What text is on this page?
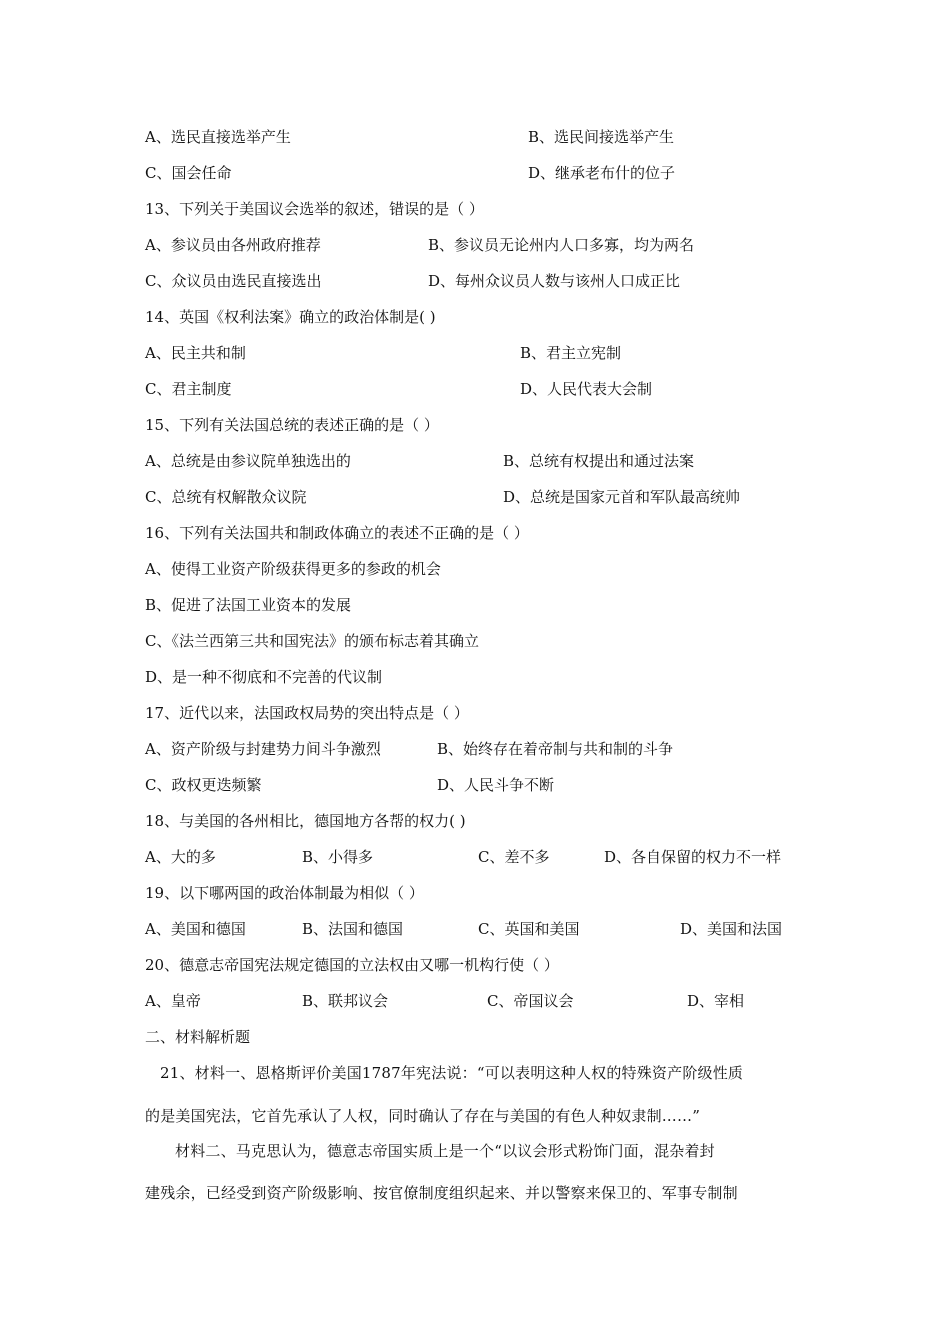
A、选民直接选举产生	B、选民间接选举产生
C、国会任命	D、继承老布什的位子
13、下列关于美国议会选举的叙述，错误的是（ ）
A、参议员由各州政府推荐	B、参议员无论州内人口多寡，均为两名
C、众议员由选民直接选出	D、每州众议员人数与该州人口成正比
14、英国《权利法案》确立的政治体制是( )
A、民主共和制	B、君主立宪制
C、君主制度	D、人民代表大会制
15、下列有关法国总统的表述正确的是（ ）
A、总统是由参议院单独选出的	B、总统有权提出和通过法案
C、总统有权解散众议院	D、总统是国家元首和军队最高统帅
16、下列有关法国共和制政体确立的表述不正确的是（ ）
A、使得工业资产阶级获得更多的参政的机会
B、促进了法国工业资本的发展
C、《法兰西第三共和国宪法》的颁布标志着其确立
D、是一种不彻底和不完善的代议制
17、近代以来，法国政权局势的突出特点是（ ）
A、资产阶级与封建势力间斗争激烈	B、始终存在着帝制与共和制的斗争
C、政权更迭频繁	D、人民斗争不断
18、与美国的各州相比，德国地方各帮的权力( )
A、大的多	B、小得多	C、差不多	D、各自保留的权力不一样
19、以下哪两国的政治体制最为相似（ ）
A、美国和德国	B、法国和德国	C、英国和美国	D、美国和法国
20、德意志帝国宪法规定德国的立法权由又哪一机构行使（ ）
A、皇帝	B、联邦议会	C、帝国议会	D、宰相
二、材料解析题
21、材料一、恩格斯评价美国1787年宪法说：“可以表明这种人权的特殊资产阶级性质
的是美国宪法，它首先承认了人权，同时确认了存在与美国的有色人种奴隶制……”
材料二、马克思认为，德意志帝国实质上是一个“以议会形式粉饰门面，混杂着封
建残余，已经受到资产阶级影响、按官僚制度组织起来、并以警察来保卫的、军事专制制
